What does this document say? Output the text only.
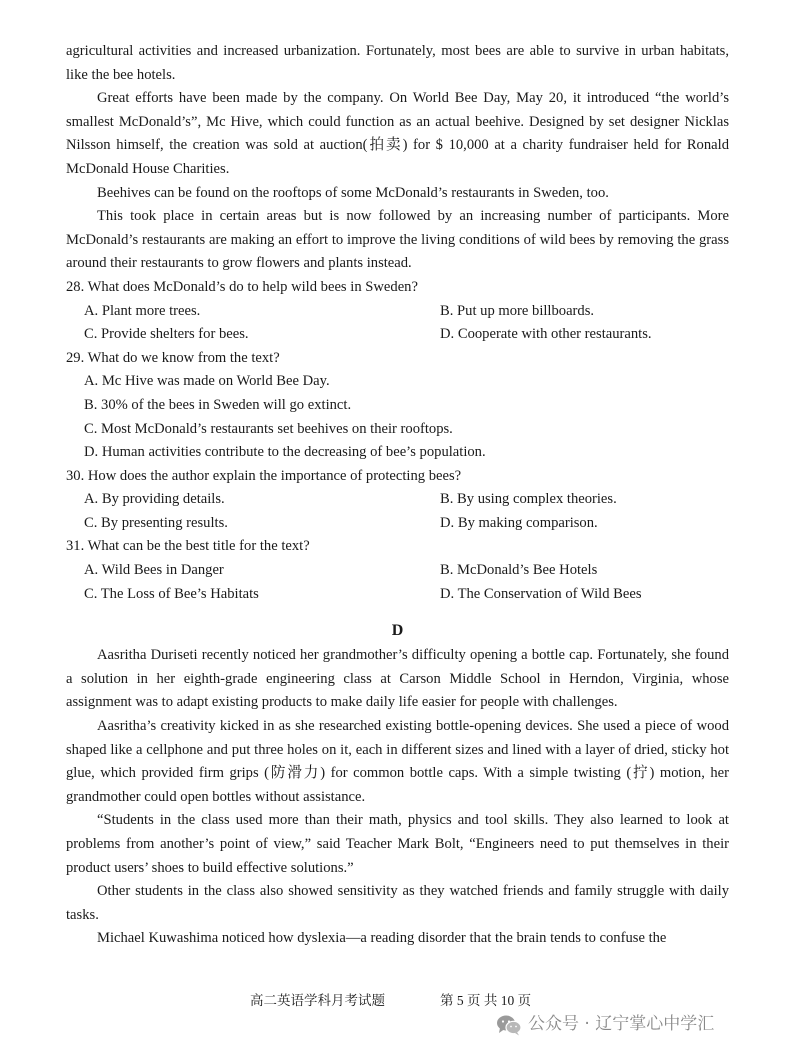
agricultural activities and increased urbanization. Fortunately, most bees are able to survive in urban habitats, like the bee hotels.

Great efforts have been made by the company. On World Bee Day, May 20, it introduced “the world’s smallest McDonald’s”, Mc Hive, which could function as an actual beehive. Designed by set designer Nicklas Nilsson himself, the creation was sold at auction(拍卖) for $ 10,000 at a charity fundraiser held for Ronald McDonald House Charities.

Beehives can be found on the rooftops of some McDonald’s restaurants in Sweden, too.

This took place in certain areas but is now followed by an increasing number of participants. More McDonald’s restaurants are making an effort to improve the living conditions of wild bees by removing the grass around their restaurants to grow flowers and plants instead.

28. What does McDonald’s do to help wild bees in Sweden?

A. Plant more trees.	B. Put up more billboards.
C. Provide shelters for bees.	D. Cooperate with other restaurants.

29. What do we know from the text?

A. Mc Hive was made on World Bee Day.
B. 30% of the bees in Sweden will go extinct.
C. Most McDonald’s restaurants set beehives on their rooftops.
D. Human activities contribute to the decreasing of bee’s population.

30. How does the author explain the importance of protecting bees?

A. By providing details.	B. By using complex theories.
C. By presenting results.	D. By making comparison.

31. What can be the best title for the text?

A. Wild Bees in Danger	B. McDonald’s Bee Hotels
C. The Loss of Bee’s Habitats	D. The Conservation of Wild Bees
D

Aasritha Duriseti recently noticed her grandmother’s difficulty opening a bottle cap. Fortunately, she found a solution in her eighth-grade engineering class at Carson Middle School in Herndon, Virginia, whose assignment was to adapt existing products to make daily life easier for people with challenges.

Aasritha’s creativity kicked in as she researched existing bottle-opening devices. She used a piece of wood shaped like a cellphone and put three holes on it, each in different sizes and lined with a layer of dried, sticky hot glue, which provided firm grips (防滑力) for common bottle caps. With a simple twisting (拧) motion, her grandmother could open bottles without assistance.

“Students in the class used more than their math, physics and tool skills. They also learned to look at problems from another’s point of view,” said Teacher Mark Bolt, “Engineers need to put themselves in their product users’ shoes to build effective solutions.”

Other students in the class also showed sensitivity as they watched friends and family struggle with daily tasks.

Michael Kuwashima noticed how dyslexia—a reading disorder that the brain tends to confuse the

高二英语学科月考试题	第 5 页 共 10 页
公众号 · 辽宁掌心中学汇
